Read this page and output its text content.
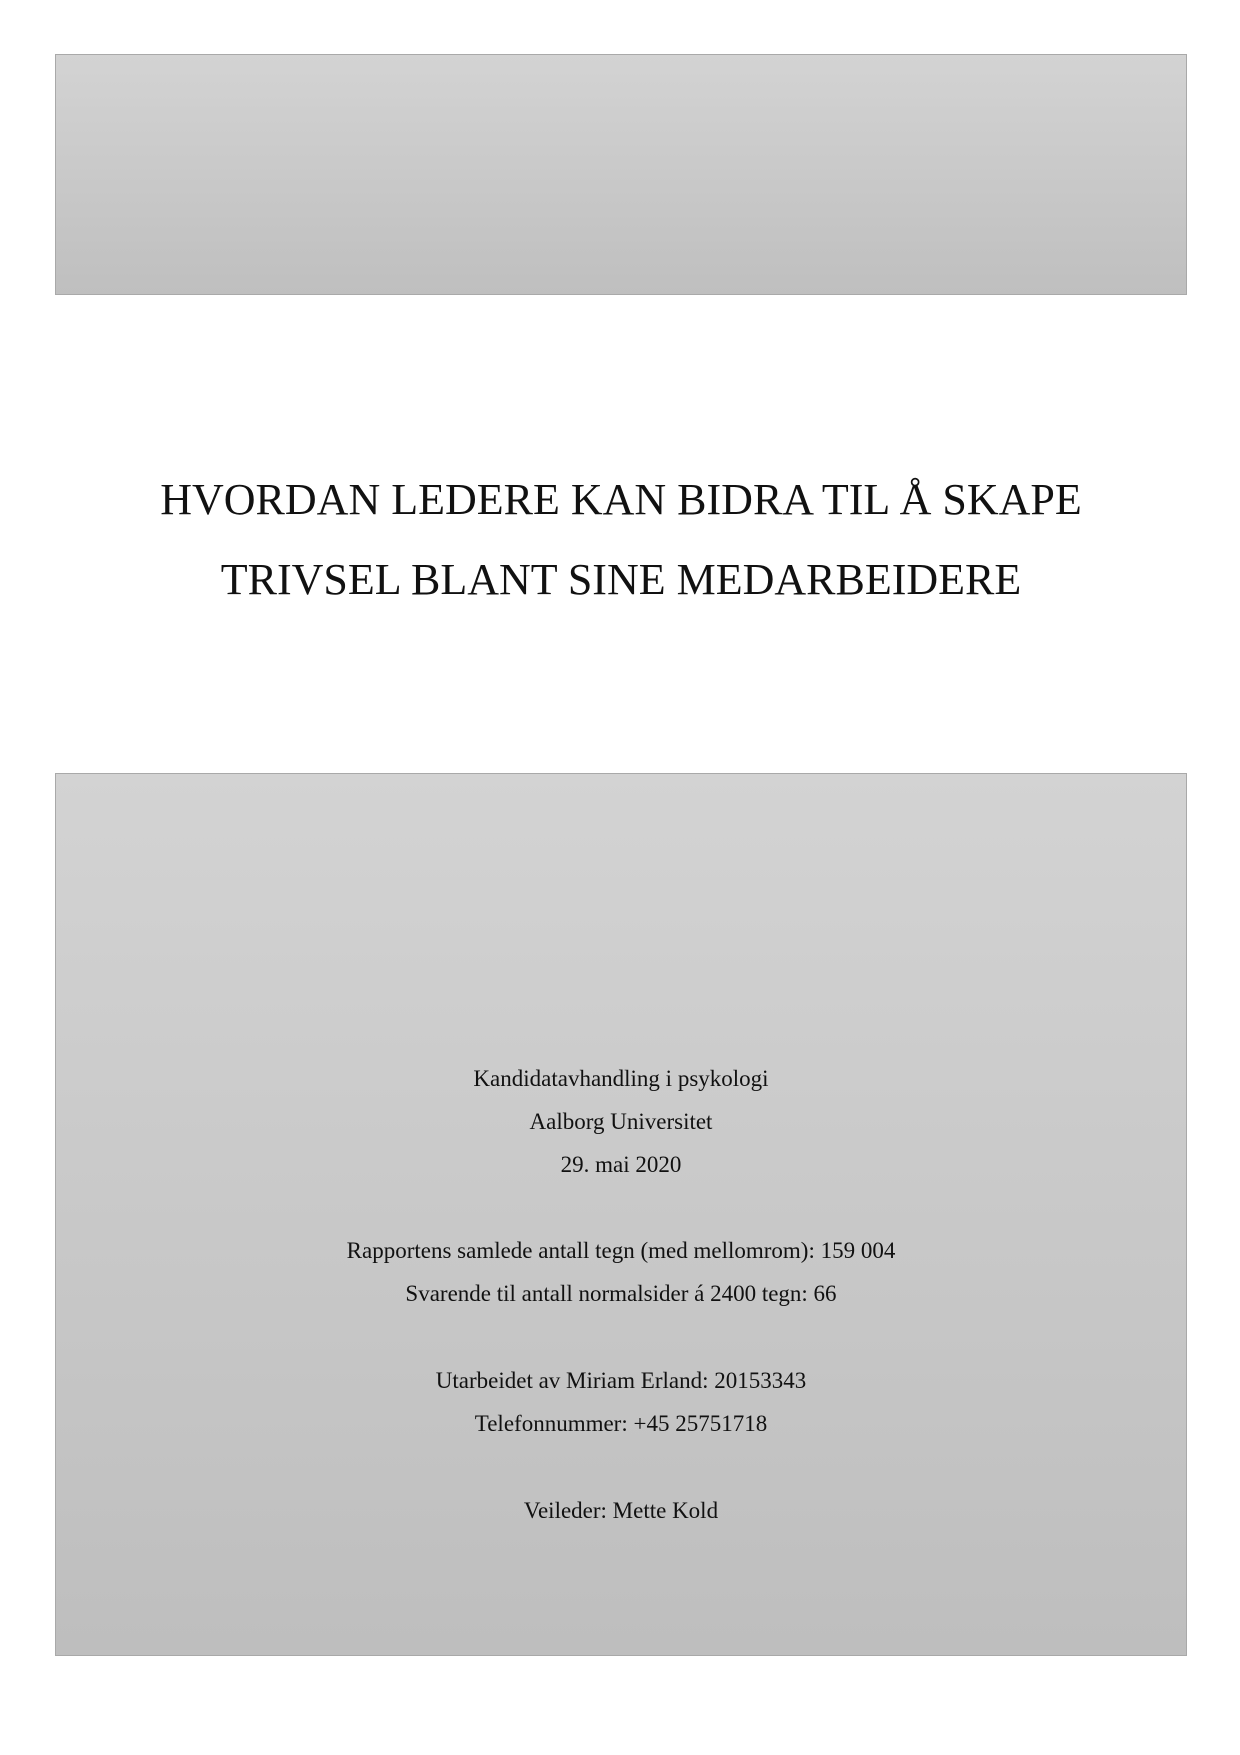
HVORDAN LEDERE KAN BIDRA TIL Å SKAPE
TRIVSEL BLANT SINE MEDARBEIDERE
Kandidatavhandling i psykologi
Aalborg Universitet
29. mai 2020
Rapportens samlede antall tegn (med mellomrom): 159 004
Svarende til antall normalsider á 2400 tegn: 66
Utarbeidet av Miriam Erland: 20153343
Telefonnummer: +45 25751718
Veileder: Mette Kold
